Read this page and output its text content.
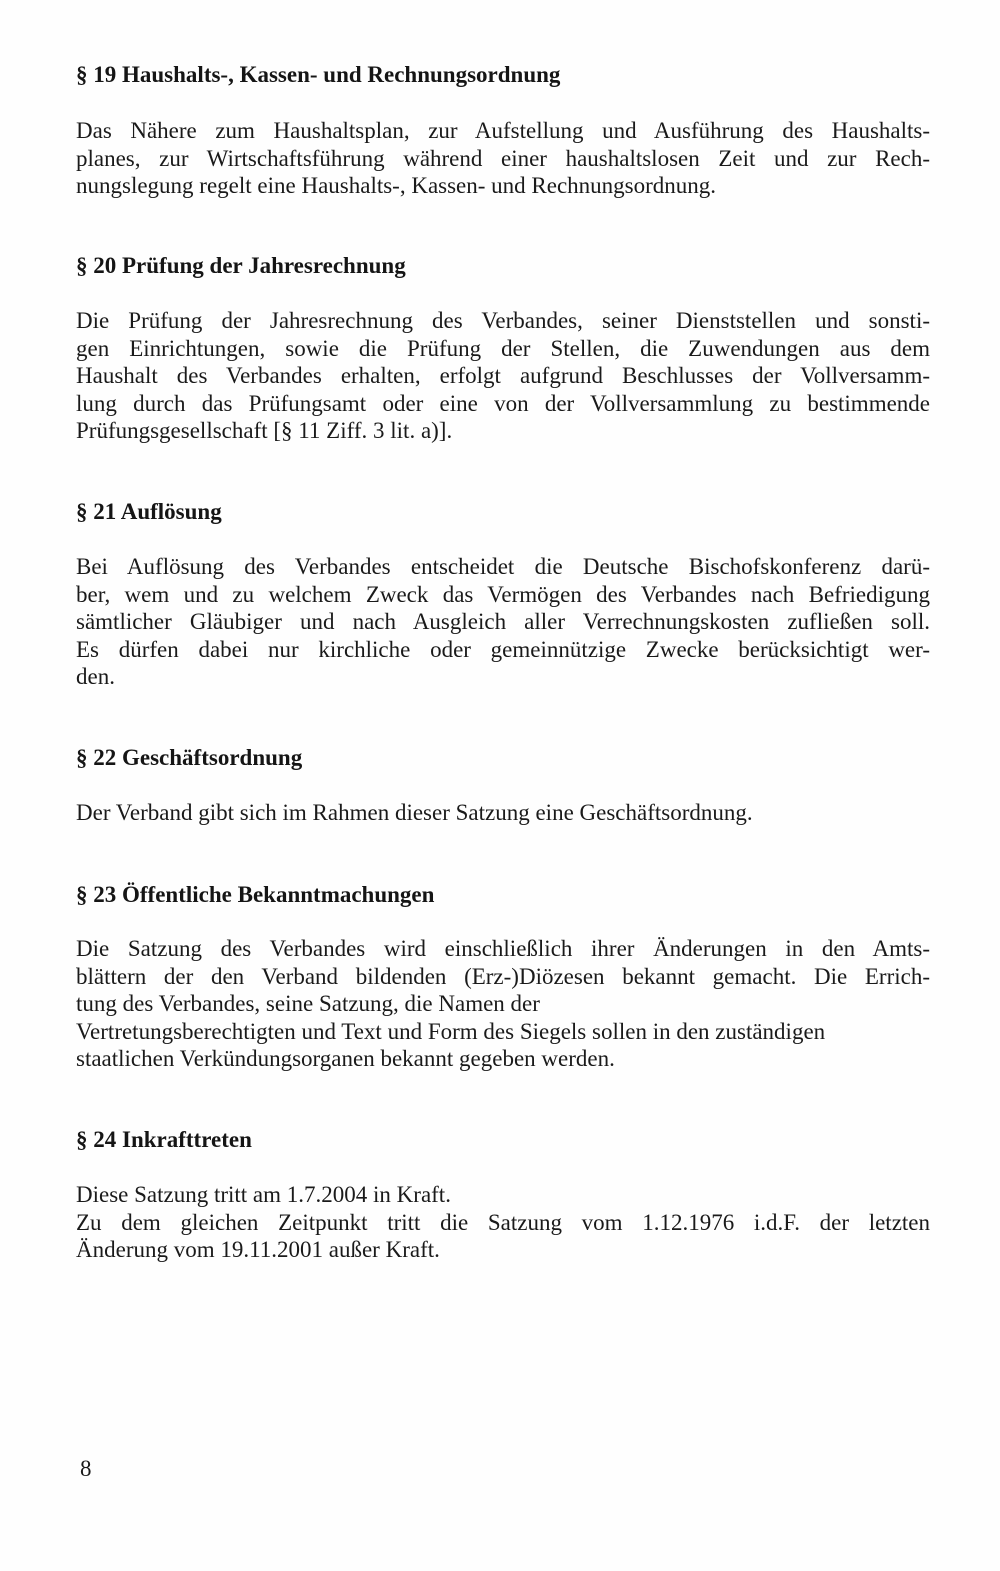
§ 19 Haushalts-, Kassen- und Rechnungsordnung
Das Nähere zum Haushaltsplan, zur Aufstellung und Ausführung des Haushalts-
planes, zur Wirtschaftsführung während einer haushaltslosen Zeit und zur Rech-
nungslegung regelt eine Haushalts-, Kassen- und Rechnungsordnung.
§ 20 Prüfung der Jahresrechnung
Die Prüfung der Jahresrechnung des Verbandes, seiner Dienststellen und sonsti-
gen Einrichtungen, sowie die Prüfung der Stellen, die Zuwendungen aus dem
Haushalt des Verbandes erhalten, erfolgt aufgrund Beschlusses der Vollversamm-
lung durch das Prüfungsamt oder eine von der Vollversammlung zu bestimmende
Prüfungsgesellschaft [§ 11 Ziff. 3 lit. a)].
§ 21 Auflösung
Bei Auflösung des Verbandes entscheidet die Deutsche Bischofskonferenz darü-
ber, wem und zu welchem Zweck das Vermögen des Verbandes nach Befriedigung
sämtlicher Gläubiger und nach Ausgleich aller Verrechnungskosten zufließen soll.
Es dürfen dabei nur kirchliche oder gemeinnützige Zwecke berücksichtigt wer-
den.
§ 22 Geschäftsordnung
Der Verband gibt sich im Rahmen dieser Satzung eine Geschäftsordnung.
§ 23 Öffentliche Bekanntmachungen
Die Satzung des Verbandes wird einschließlich ihrer Änderungen in den Amts-
blättern der den Verband bildenden (Erz-)Diözesen bekannt gemacht. Die Errich-
tung des Verbandes, seine Satzung, die Namen der
Vertretungsberechtigten und Text und Form des Siegels sollen in den zuständigen
staatlichen Verkündungsorganen bekannt gegeben werden.
§ 24 Inkrafttreten
Diese Satzung tritt am 1.7.2004 in Kraft.
Zu dem gleichen Zeitpunkt tritt die Satzung vom 1.12.1976 i.d.F. der letzten
Änderung vom 19.11.2001 außer Kraft.
8
